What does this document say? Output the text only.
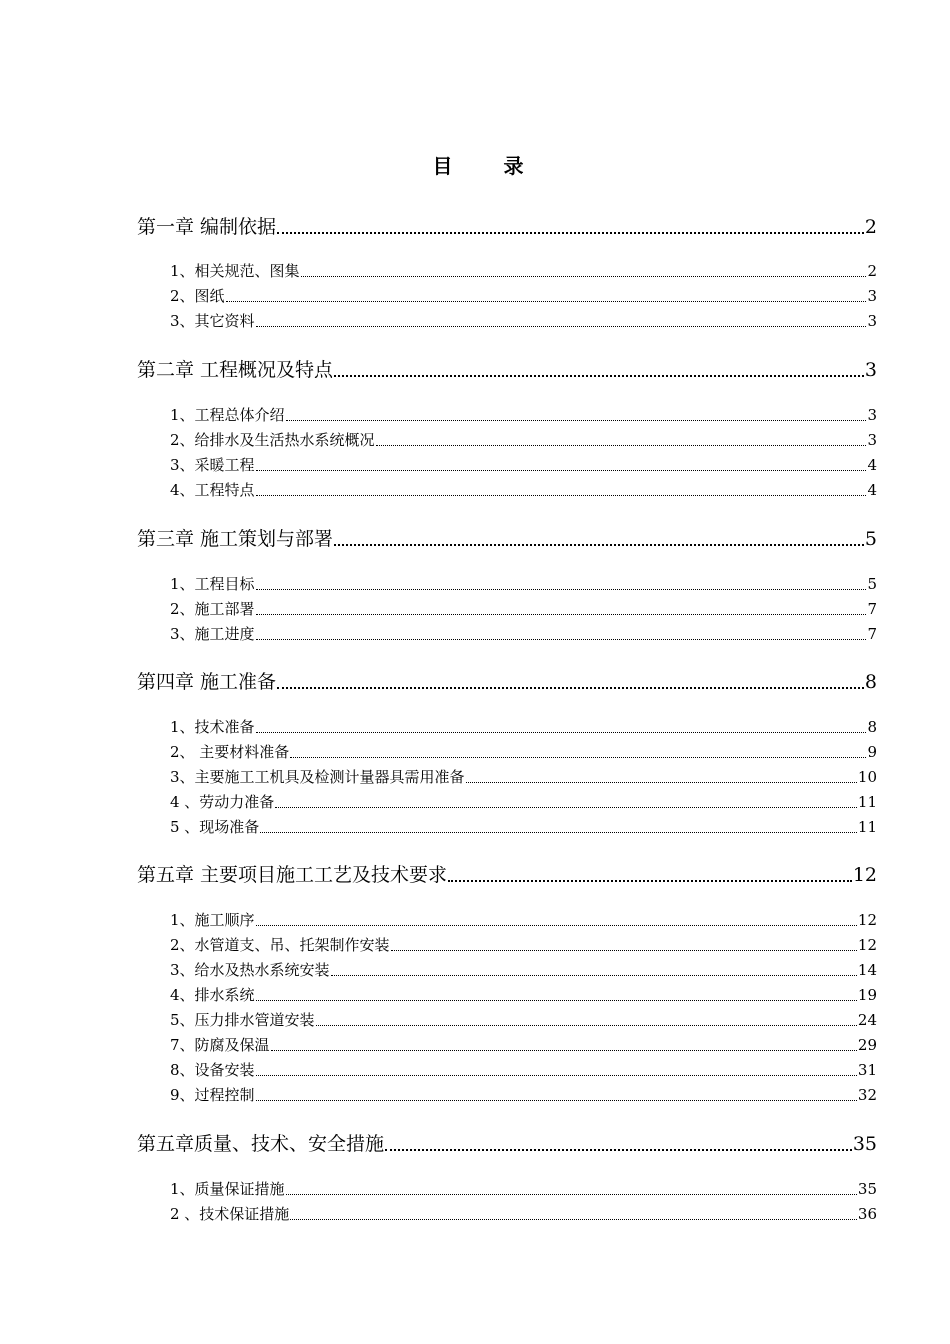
目 录
第一章 编制依据	2
1、相关规范、图集	2
2、图纸	3
3、其它资料	3
第二章 工程概况及特点	3
1、工程总体介绍	3
2、给排水及生活热水系统概况	3
3、采暖工程	4
4、工程特点	4
第三章 施工策划与部署	5
1、工程目标	5
2、施工部署	7
3、施工进度	7
第四章 施工准备	8
1、技术准备	8
2、 主要材料准备	9
3、主要施工工机具及检测计量器具需用准备	10
4 、劳动力准备	11
5 、现场准备	11
第五章 主要项目施工工艺及技术要求	12
1、施工顺序	12
2、水管道支、吊、托架制作安装	12
3、给水及热水系统安装	14
4、排水系统	19
5、压力排水管道安装	24
7、防腐及保温	29
8、设备安装	31
9、过程控制	32
第五章质量、技术、安全措施	35
1、质量保证措施	35
2 、技术保证措施	36
